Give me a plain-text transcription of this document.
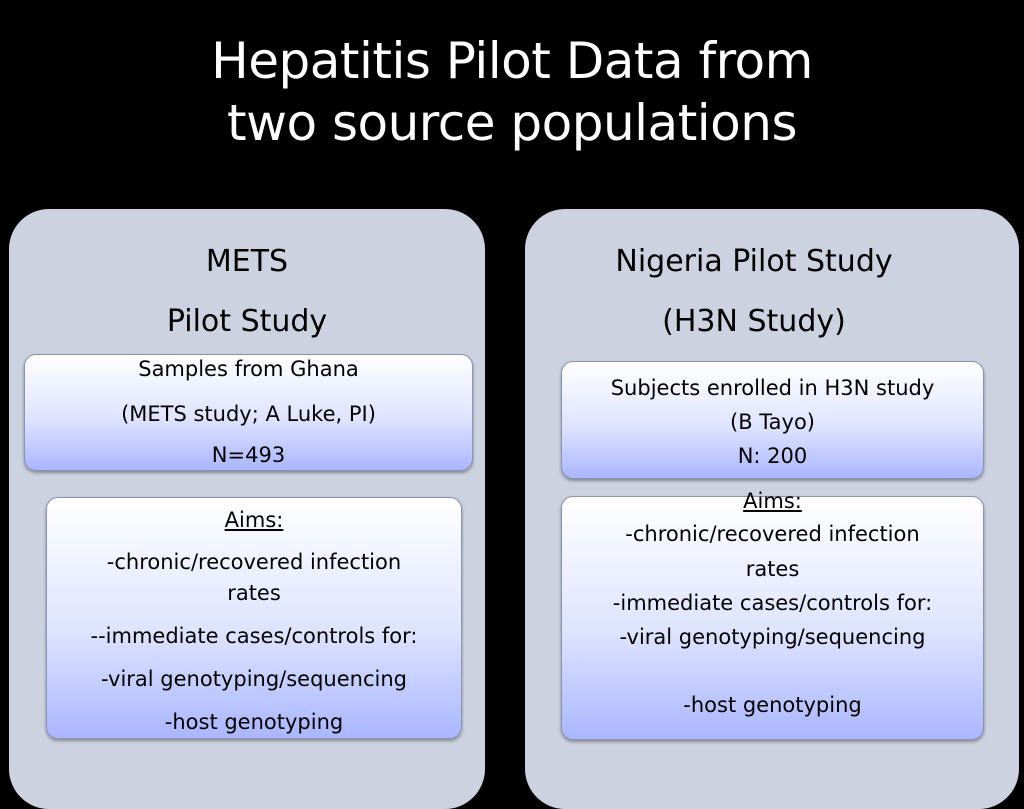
Hepatitis Pilot Data from
two source populations
METS
Pilot Study
Samples from Ghana
(METS study; A Luke, PI)
N=493
Aims:
-chronic/recovered infection
rates
--immediate cases/controls for:
-viral genotyping/sequencing
-host genotyping
Nigeria Pilot Study
(H3N Study)
Subjects enrolled in H3N study
(B Tayo)
N: 200
Aims:
-chronic/recovered infection
rates
-immediate cases/controls for:
-viral genotyping/sequencing
-host genotyping
